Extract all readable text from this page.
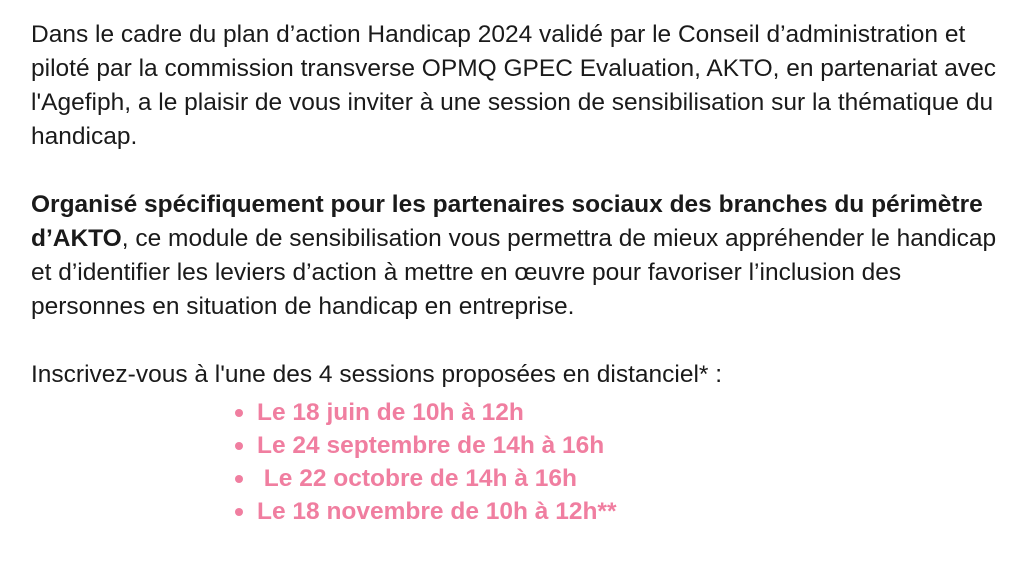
Dans le cadre du plan d’action Handicap 2024 validé par le Conseil d’administration et piloté par la commission transverse OPMQ GPEC Evaluation, AKTO, en partenariat avec l'Agefiph, a le plaisir de vous inviter à une session de sensibilisation sur la thématique du handicap.

Organisé spécifiquement pour les partenaires sociaux des branches du périmètre d’AKTO, ce module de sensibilisation vous permettra de mieux appréhender le handicap et d’identifier les leviers d’action à mettre en œuvre pour favoriser l’inclusion des personnes en situation de handicap en entreprise.

Inscrivez-vous à l'une des 4 sessions proposées en distanciel* :

Le 18 juin de 10h à 12h
Le 24 septembre de 14h à 16h
Le 22 octobre de 14h à 16h
Le 18 novembre de 10h à 12h**
